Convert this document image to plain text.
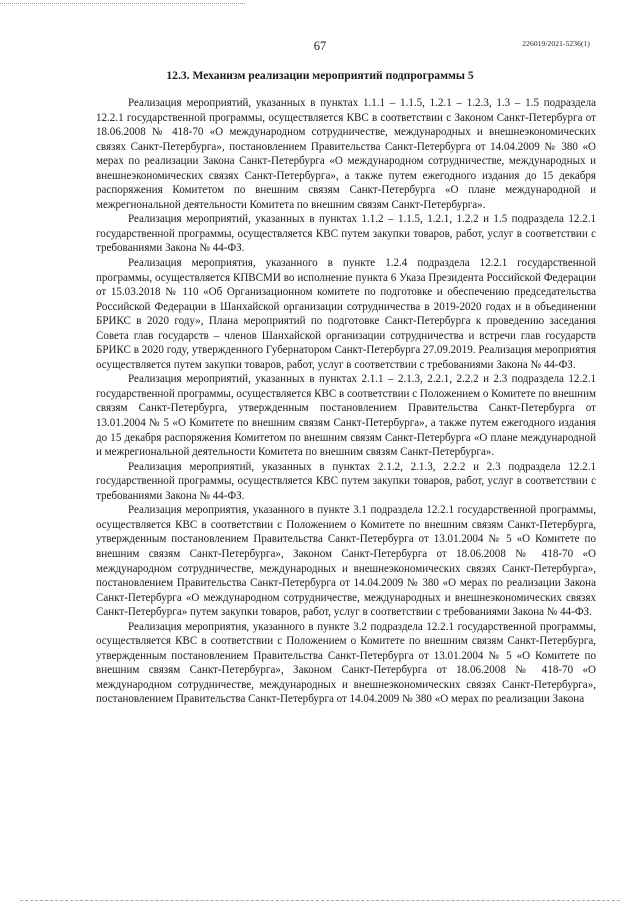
67	226019/2021-5236(1)
12.3. Механизм реализации мероприятий подпрограммы 5

Реализация мероприятий, указанных в пунктах 1.1.1 – 1.1.5, 1.2.1 – 1.2.3, 1.3 – 1.5 подраздела 12.2.1 государственной программы, осуществляется КВС в соответствии с Законом Санкт-Петербурга от 18.06.2008 № 418-70 «О международном сотрудничестве, международных и внешнеэкономических связях Санкт-Петербурга», постановлением Правительства Санкт-Петербурга от 14.04.2009 № 380 «О мерах по реализации Закона Санкт-Петербурга «О международном сотрудничестве, международных и внешнеэкономических связях Санкт-Петербурга», а также путем ежегодного издания до 15 декабря распоряжения Комитетом по внешним связям Санкт-Петербурга «О плане международной и межрегиональной деятельности Комитета по внешним связям Санкт-Петербурга».

Реализация мероприятий, указанных в пунктах 1.1.2 – 1.1.5, 1.2.1, 1.2.2 и 1.5 подраздела 12.2.1 государственной программы, осуществляется КВС путем закупки товаров, работ, услуг в соответствии с требованиями Закона № 44-ФЗ.

Реализация мероприятия, указанного в пункте 1.2.4 подраздела 12.2.1 государственной программы, осуществляется КПВСМИ во исполнение пункта 6 Указа Президента Российской Федерации от 15.03.2018 № 110 «Об Организационном комитете по подготовке и обеспечению председательства Российской Федерации в Шанхайской организации сотрудничества в 2019-2020 годах и в объединении БРИКС в 2020 году», Плана мероприятий по подготовке Санкт-Петербурга к проведению заседания Совета глав государств – членов Шанхайской организации сотрудничества и встречи глав государств БРИКС в 2020 году, утвержденного Губернатором Санкт-Петербурга 27.09.2019. Реализация мероприятия осуществляется путем закупки товаров, работ, услуг в соответствии с требованиями Закона № 44-ФЗ.

Реализация мероприятий, указанных в пунктах 2.1.1 – 2.1.3, 2.2.1, 2.2.2 и 2.3 подраздела 12.2.1 государственной программы, осуществляется КВС в соответствии с Положением о Комитете по внешним связям Санкт-Петербурга, утвержденным постановлением Правительства Санкт-Петербурга от 13.01.2004 № 5 «О Комитете по внешним связям Санкт-Петербурга», а также путем ежегодного издания до 15 декабря распоряжения Комитетом по внешним связям Санкт-Петербурга «О плане международной и межрегиональной деятельности Комитета по внешним связям Санкт-Петербурга».

Реализация мероприятий, указанных в пунктах 2.1.2, 2.1.3, 2.2.2 и 2.3 подраздела 12.2.1 государственной программы, осуществляется КВС путем закупки товаров, работ, услуг в соответствии с требованиями Закона № 44-ФЗ.

Реализация мероприятия, указанного в пункте 3.1 подраздела 12.2.1 государственной программы, осуществляется КВС в соответствии с Положением о Комитете по внешним связям Санкт-Петербурга, утвержденным постановлением Правительства Санкт-Петербурга от 13.01.2004 № 5 «О Комитете по внешним связям Санкт-Петербурга», Законом Санкт-Петербурга от 18.06.2008 № 418-70 «О международном сотрудничестве, международных и внешнеэкономических связях Санкт-Петербурга», постановлением Правительства Санкт-Петербурга от 14.04.2009 № 380 «О мерах по реализации Закона Санкт-Петербурга «О международном сотрудничестве, международных и внешнеэкономических связях Санкт-Петербурга» путем закупки товаров, работ, услуг в соответствии с требованиями Закона № 44-ФЗ.

Реализация мероприятия, указанного в пункте 3.2 подраздела 12.2.1 государственной программы, осуществляется КВС в соответствии с Положением о Комитете по внешним связям Санкт-Петербурга, утвержденным постановлением Правительства Санкт-Петербурга от 13.01.2004 № 5 «О Комитете по внешним связям Санкт-Петербурга», Законом Санкт-Петербурга от 18.06.2008 № 418-70 «О международном сотрудничестве, международных и внешнеэкономических связях Санкт-Петербурга», постановлением Правительства Санкт-Петербурга от 14.04.2009 № 380 «О мерах по реализации Закона
